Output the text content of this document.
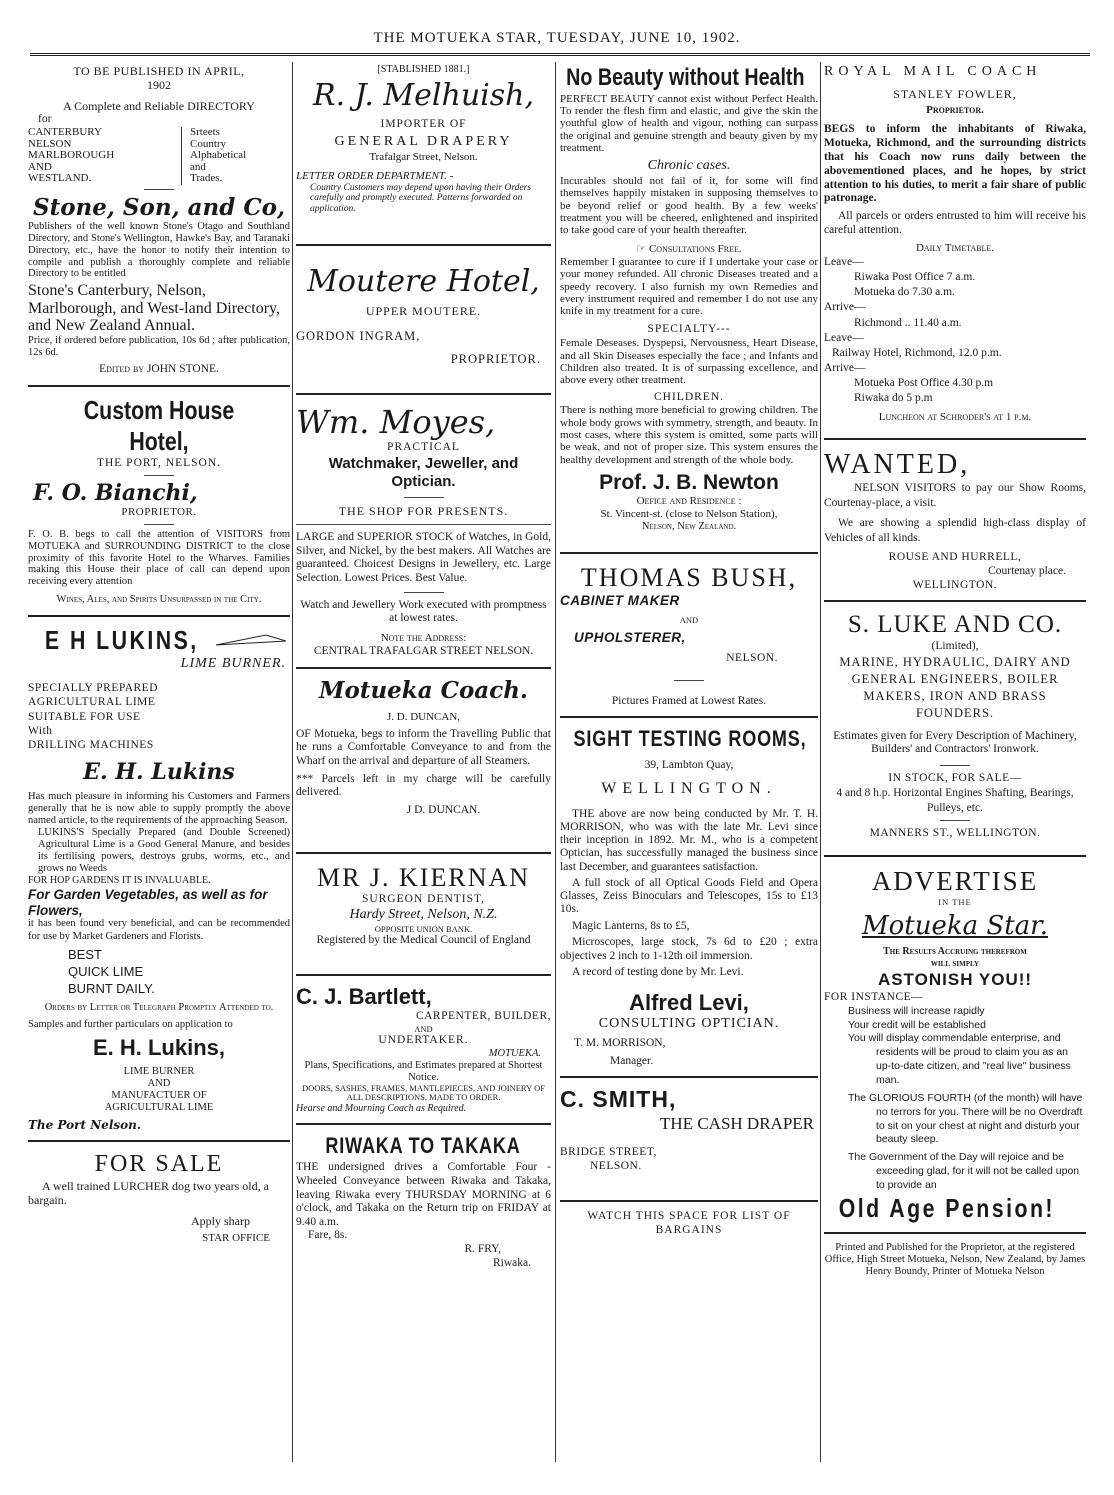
THE MOTUEKA STAR, TUESDAY, JUNE 10, 1902.
TO BE PUBLISHED IN APRIL,
1902
A Complete and Reliable DIRECTORY
for
CANTERBURY
NELSON
MARLBOROUGH
AND
WESTLAND.
Srteets
Country
Alphabetical
and
Trades.
Stone, Son, and Co,
Publishers of the well known Stone's Otago and Southland Directory, and Stone's Wellington, Hawke's Bay, and Taranaki Directory, etc., have the honor to notify their intention to compile and publish a thoroughly complete and reliable Directory to be entitled
Stone's Canterbury, Nelson, Marlborough, and West-land Directory, and New Zealand Annual.
Price, if ordered before publication, 10s 6d ; after publication, 12s 6d.
Edited by JOHN STONE.
Custom House Hotel,
THE PORT, NELSON.
F. O. Bianchi,
PROPRIETOR.
F. O. B. begs to call the attention of VISITORS from MOTUEKA and SURROUNDING DISTRICT to the close proximity of this favorite Hotel to the Wharves. Families making this House their place of call can depend upon receiving every attention
Wines, Ales, and Spirits Unsurpassed in the City.
E H LUKINS,
LIME BURNER.
SPECIALLY PREPARED
AGRICULTURAL LIME
SUITABLE FOR USE
With
DRILLING MACHINES
E. H. Lukins
Has much pleasure in informing his Customers and Farmers generally that he is now able to supply promptly the above named article, to the requirements of the approaching Season.
LUKINS'S Specially Prepared (and Double Screened) Agricultural Lime is a Good General Manure, and besides its fertilising powers, destroys grubs, worms, etc., and grows no Weeds
FOR HOP GARDENS IT IS INVALUABLE.
For Garden Vegetables, as well as for Flowers,
it has been found very beneficial, and can be recommended for use by Market Gardeners and Florists.
BEST
QUICK LIME
BURNT DAILY.
Orders by Letter or Telegraph Promptly Attended to.
Samples and further particulars on application to
E. H. Lukins,
LIME BURNER
AND
MANUFACTUER OF
AGRICULTURAL LIME
The Port Nelson.
FOR SALE
A well trained LURCHER dog two years old, a bargain.
Apply sharp
STAR OFFICE
[STABLISHED 1881.]
R. J. Melhuish,
IMPORTER OF
GENERAL DRAPERY
Trafalgar Street, Nelson.
LETTER ORDER DEPARTMENT. -
Country Customers may depend upon having their Orders carefully and promptly executed. Patterns forwarded on application.
Moutere Hotel,
UPPER MOUTERE.
GORDON INGRAM,
PROPRIETOR.
Wm. Moyes,
PRACTICAL
Watchmaker, Jeweller, and Optician.
THE SHOP FOR PRESENTS.
LARGE and SUPERIOR STOCK of Watches, in Gold, Silver, and Nickel, by the best makers. All Watches are guaranteed. Choicest Designs in Jewellery, etc. Large Selection. Lowest Prices. Best Value.
Watch and Jewellery Work executed with promptness at lowest rates.
Note the Address:
CENTRAL TRAFALGAR STREET NELSON.
Motueka Coach.
J. D. DUNCAN,
OF Motueka, begs to inform the Travelling Public that he runs a Comfortable Conveyance to and from the Wharf on the arrival and departure of all Steamers.
*** Parcels left in my charge will be carefully delivered.
J D. DUNCAN.
MR J. KIERNAN
SURGEON DENTIST,
Hardy Street, Nelson, N.Z.
OPPOSITE UNION BANK.
Registered by the Medical Council of England
C. J. Bartlett,
CARPENTER, BUILDER,
AND
UNDERTAKER.
MOTUEKA.
Plans, Specifications, and Estimates prepared at Shortest Notice.
DOORS, SASHES, FRAMES, MANTLEPIECES, AND JOINERY OF ALL DESCRIPTIONS, MADE TO ORDER.
Hearse and Mourning Coach as Required.
RIWAKA TO TAKAKA
THE undersigned drives a Comfortable Four - Wheeled Conveyance between Riwaka and Takaka, leaving Riwaka every THURSDAY MORNING at 6 o'clock, and Takaka on the Return trip on FRIDAY at 9.40 a.m.
Fare, 8s.
R. FRY,
Riwaka.
No Beauty without Health
PERFECT BEAUTY cannot exist without Perfect Health. To render the flesh firm and elastic, and give the skin the youthful glow of health and vigour, nothing can surpass the original and genuine strength and beauty given by my treatment.
Chronic cases.
Incurables should not fail of it, for some will find themselves happily mistaken in supposing themselves to be beyond relief or good health. By a few weeks' treatment you will be cheered, enlightened and inspirited to take good care of your health thereafter.
☞ Consultations Free.
Remember I guarantee to cure if I undertake your case or your money refunded. All chronic Diseases treated and a speedy recovery. I also furnish my own Remedies and every instrument required and remember I do not use any knife in my treatment for a cure.
SPECIALTY---
Female Deseases. Dyspepsi, Nervousness, Heart Disease, and all Skin Diseases especially the face ; and Infants and Children also treated. It is of surpassing excellence, and above every other treatment.
CHILDREN.
There is nothing more beneficial to growing children. The whole body grows with symmetry, strength, and beauty. In most cases, where this system is omitted, some parts will be weak, and not of proper size. This system ensures the healthy development and strength of the whole body.
Prof. J. B. Newton
Oefice and Residence :
St. Vincent-st. (close to Nelson Station),
Nelson, New Zealand.
THOMAS BUSH,
CABINET MAKER
AND
UPHOLSTERER,
NELSON.
Pictures Framed at Lowest Rates.
SIGHT TESTING ROOMS,
39, Lambton Quay,
WELLINGTON.
THE above are now being conducted by Mr. T. H. MORRISON, who was with the late Mr. Levi since their inception in 1892. Mr. M., who is a competent Optician, has successfully managed the business since last December, and guarantees satisfaction.
A full stock of all Optical Goods Field and Opera Glasses, Zeiss Binoculars and Telescopes, 15s to £13 10s.
Magic Lanterns, 8s to £5,
Microscopes, large stock, 7s 6d to £20 ; extra objectives 2 inch to 1-12th oil immersion.
A record of testing done by Mr. Levi.
Alfred Levi,
CONSULTING OPTICIAN.
T. M. MORRISON,
Manager.
C. SMITH,
THE CASH DRAPER
BRIDGE STREET,
NELSON.
WATCH THIS SPACE FOR LIST OF BARGAINS
ROYAL MAIL COACH
STANLEY FOWLER,
Proprietor.
BEGS to inform the inhabitants of Riwaka, Motueka, Richmond, and the surrounding districts that his Coach now runs daily between the abovementioned places, and he hopes, by strict attention to his duties, to merit a fair share of public patronage.
All parcels or orders entrusted to him will receive his careful attention.
Daily Timetable.
Leave—
Riwaka Post Office 7 a.m.
Motueka do 7.30 a.m.
Arrive—
Richmond .. 11.40 a.m.
Leave—
Railway Hotel, Richmond, 12.0 p.m.
Arrive—
Motueka Post Office 4.30 p.m
Riwaka do 5 p.m
Luncheon at Schroder's at 1 p.m.
WANTED,
NELSON VISITORS to pay our Show Rooms, Courtenay-place, a visit.
We are showing a splendid high-class display of Vehicles of all kinds.
ROUSE AND HURRELL,
Courtenay place.
WELLINGTON.
S. LUKE AND CO.
(Limited),
MARINE, HYDRAULIC, DAIRY AND GENERAL ENGINEERS, BOILER MAKERS, IRON AND BRASS FOUNDERS.
Estimates given for Every Description of Machinery,
Builders' and Contractors' Ironwork.
IN STOCK, FOR SALE—
4 and 8 h.p. Horizontal Engines Shafting, Bearings, Pulleys, etc.
MANNERS ST., WELLINGTON.
ADVERTISE
IN THE
Motueka Star.
The Results Accruing therefrom
will simply
ASTONISH YOU!!
FOR INSTANCE—
Business will increase rapidly
Your credit will be established
You will display commendable enterprise, and residents will be proud to claim you as an up-to-date citizen, and "real live" business man.
The GLORIOUS FOURTH (of the month) will have no terrors for you. There will be no Overdraft to sit on your chest at night and disturb your beauty sleep.
The Government of the Day will rejoice and be exceeding glad, for it will not be called upon to provide an
Old Age Pension!
Printed and Published for the Proprietor, at the registered Office, High Street Motueka, Nelson, New Zealand, by James Henry Boundy, Printer of Motueka Nelson
